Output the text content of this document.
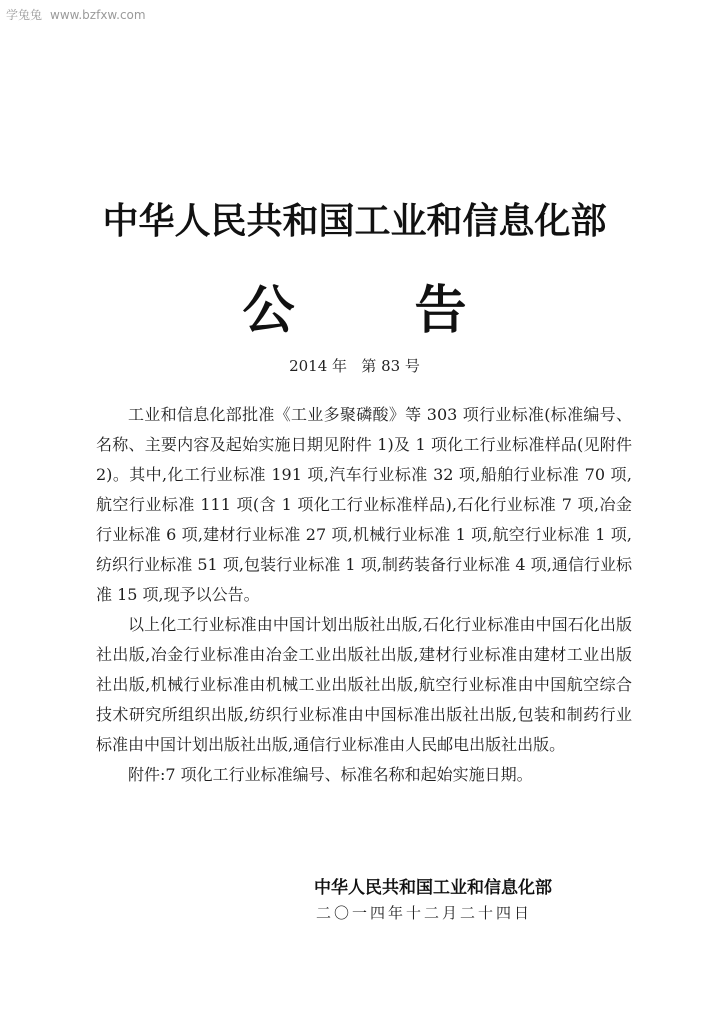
学兔兔 www.bzfxw.com
中华人民共和国工业和信息化部
公 告
2014 年   第 83 号

工业和信息化部批准《工业多聚磷酸》等 303 项行业标准(标准编号、名称、主要内容及起始实施日期见附件 1)及 1 项化工行业标准样品(见附件 2)。其中,化工行业标准 191 项,汽车行业标准 32 项,船舶行业标准 70 项,航空行业标准 111 项(含 1 项化工行业标准样品),石化行业标准 7 项,冶金行业标准 6 项,建材行业标准 27 项,机械行业标准 1 项,航空行业标准 1 项,纺织行业标准 51 项,包装行业标准 1 项,制药装备行业标准 4 项,通信行业标准 15 项,现予以公告。

以上化工行业标准由中国计划出版社出版,石化行业标准由中国石化出版社出版,冶金行业标准由冶金工业出版社出版,建材行业标准由建材工业出版社出版,机械行业标准由机械工业出版社出版,航空行业标准由中国航空综合技术研究所组织出版,纺织行业标准由中国标准出版社出版,包装和制药行业标准由中国计划出版社出版,通信行业标准由人民邮电出版社出版。

附件:7 项化工行业标准编号、标准名称和起始实施日期。

中华人民共和国工业和信息化部
二〇一四年十二月二十四日
